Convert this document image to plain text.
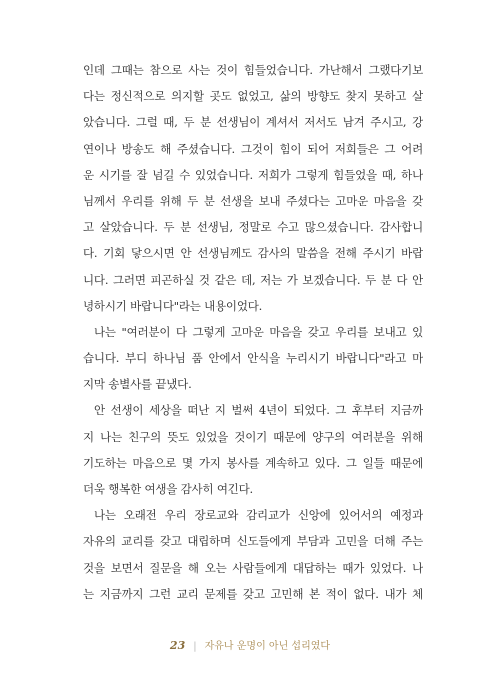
인데 그때는 참으로 사는 것이 힘들었습니다. 가난해서 그랬다기보
다는 정신적으로 의지할 곳도 없었고, 삶의 방향도 찾지 못하고 살
았습니다. 그럴 때, 두 분 선생님이 계셔서 저서도 남겨 주시고, 강
연이나 방송도 해 주셨습니다. 그것이 힘이 되어 저희들은 그 어려
운 시기를 잘 넘길 수 있었습니다. 저희가 그렇게 힘들었을 때, 하나
님께서 우리를 위해 두 분 선생을 보내 주셨다는 고마운 마음을 갖
고 살았습니다. 두 분 선생님, 정말로 수고 많으셨습니다. 감사합니
다. 기회 닿으시면 안 선생님께도 감사의 말씀을 전해 주시기 바랍
니다. 그러면 피곤하실 것 같은 데, 저는 가 보겠습니다. 두 분 다 안
녕하시기 바랍니다"라는 내용이었다.
나는 "여러분이 다 그렇게 고마운 마음을 갖고 우리를 보내고 있
습니다. 부디 하나님 품 안에서 안식을 누리시기 바랍니다"라고 마
지막 송별사를 끝냈다.
안 선생이 세상을 떠난 지 벌써 4년이 되었다. 그 후부터 지금까
지 나는 친구의 뜻도 있었을 것이기 때문에 양구의 여러분을 위해
기도하는 마음으로 몇 가지 봉사를 계속하고 있다. 그 일들 때문에
더욱 행복한 여생을 감사히 여긴다.
나는 오래전 우리 장로교와 감리교가 신앙에 있어서의 예정과
자유의 교리를 갖고 대립하며 신도들에게 부담과 고민을 더해 주는
것을 보면서 질문을 해 오는 사람들에게 대답하는 때가 있었다. 나
는 지금까지 그런 교리 문제를 갖고 고민해 본 적이 없다. 내가 체
23 | 자유나 운명이 아닌 섭리였다
